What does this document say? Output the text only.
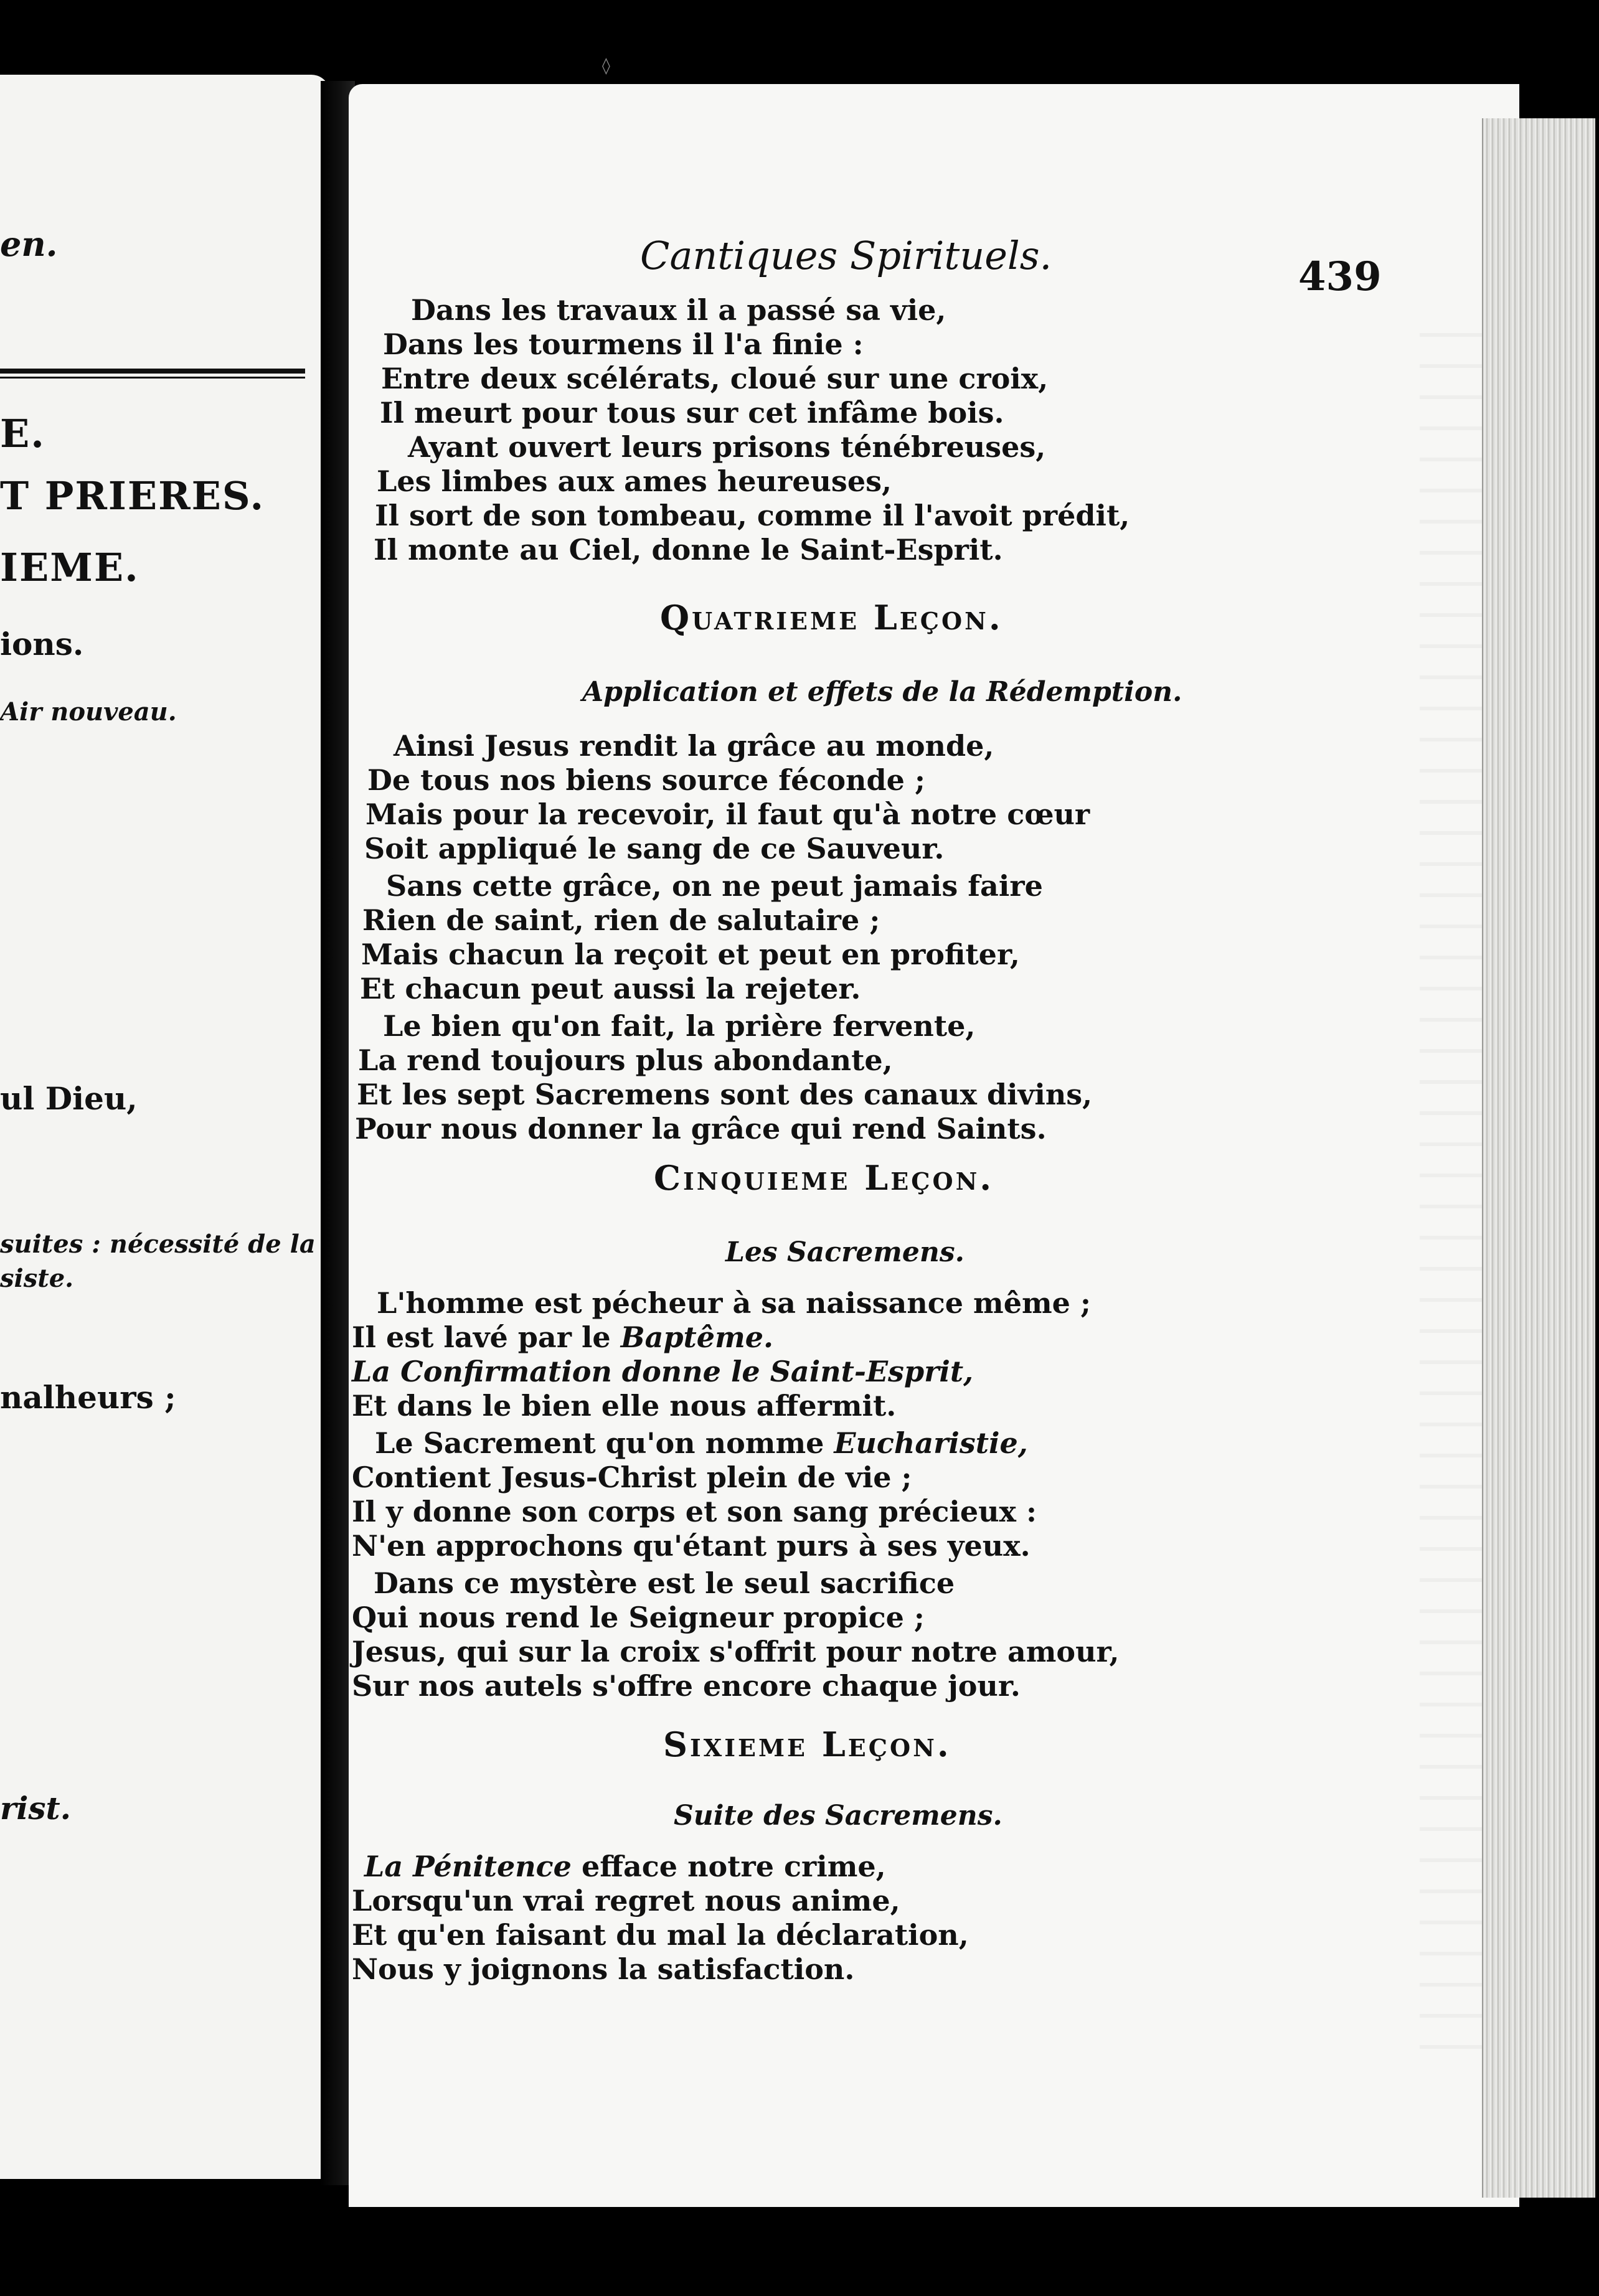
en.
E.
T PRIERES.
IEME.
ions.
Air nouveau.
ul Dieu,
suites : nécessité de la
siste.
nalheurs ;
rist.
Cantiques Spirituels.	439
Dans les travaux il a passé sa vie,
Dans les tourmens il l'a finie :
Entre deux scélérats, cloué sur une croix,
Il meurt pour tous sur cet infâme bois.
Ayant ouvert leurs prisons ténébreuses,
Les limbes aux ames heureuses,
Il sort de son tombeau, comme il l'avoit prédit,
Il monte au Ciel, donne le Saint-Esprit.
Quatrieme Leçon.
Application et effets de la Rédemption.
Ainsi Jesus rendit la grâce au monde,
De tous nos biens source féconde ;
Mais pour la recevoir, il faut qu'à notre cœur
Soit appliqué le sang de ce Sauveur.
Sans cette grâce, on ne peut jamais faire
Rien de saint, rien de salutaire ;
Mais chacun la reçoit et peut en profiter,
Et chacun peut aussi la rejeter.
Le bien qu'on fait, la prière fervente,
La rend toujours plus abondante,
Et les sept Sacremens sont des canaux divins,
Pour nous donner la grâce qui rend Saints.
Cinquieme Leçon.
Les Sacremens.
L'homme est pécheur à sa naissance même ;
Il est lavé par le Baptême.
La Confirmation donne le Saint-Esprit,
Et dans le bien elle nous affermit.
Le Sacrement qu'on nomme Eucharistie,
Contient Jesus-Christ plein de vie ;
Il y donne son corps et son sang précieux :
N'en approchons qu'étant purs à ses yeux.
Dans ce mystère est le seul sacrifice
Qui nous rend le Seigneur propice ;
Jesus, qui sur la croix s'offrit pour notre amour,
Sur nos autels s'offre encore chaque jour.
Sixieme Leçon.
Suite des Sacremens.
La Pénitence efface notre crime,
Lorsqu'un vrai regret nous anime,
Et qu'en faisant du mal la déclaration,
Nous y joignons la satisfaction.
◊
